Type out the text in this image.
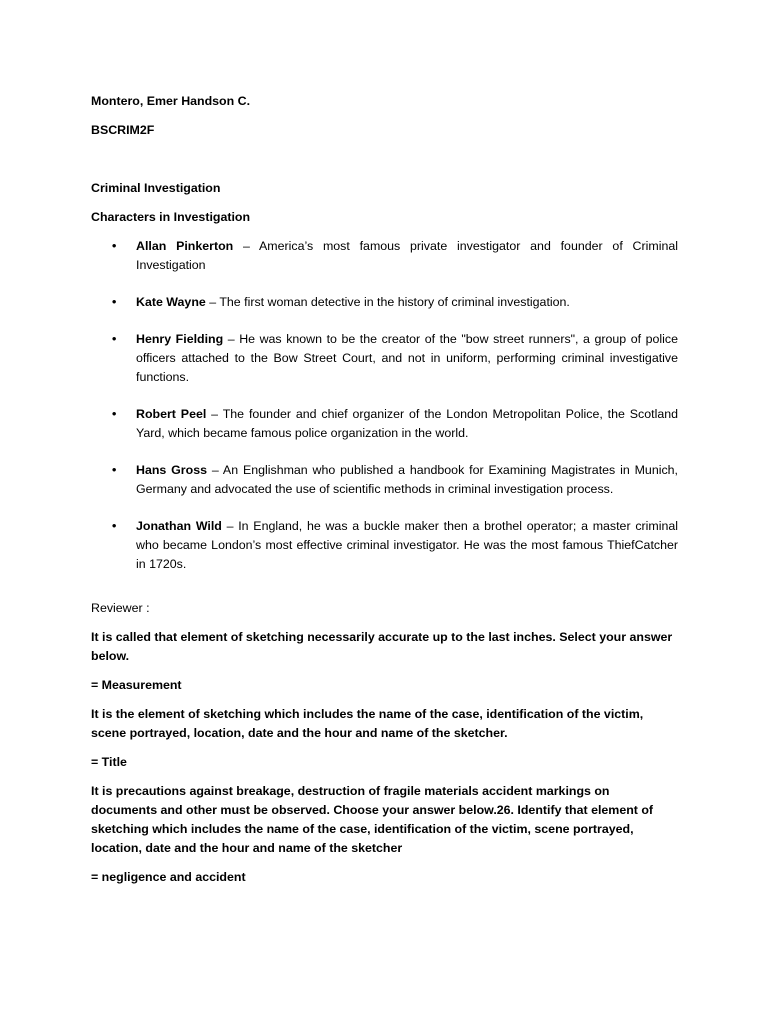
Montero, Emer Handson C.

BSCRIM2F

Criminal Investigation

Characters in Investigation

• Allan Pinkerton – America’s most famous private investigator and founder of Criminal Investigation
• Kate Wayne – The first woman detective in the history of criminal investigation.
• Henry Fielding – He was known to be the creator of the "bow street runners", a group of police officers attached to the Bow Street Court, and not in uniform, performing criminal investigative functions.
• Robert Peel – The founder and chief organizer of the London Metropolitan Police, the Scotland Yard, which became famous police organization in the world.
• Hans Gross – An Englishman who published a handbook for Examining Magistrates in Munich, Germany and advocated the use of scientific methods in criminal investigation process.
• Jonathan Wild – In England, he was a buckle maker then a brothel operator; a master criminal who became London’s most effective criminal investigator. He was the most famous ThiefCatcher in 1720s.

Reviewer :

It is called that element of sketching necessarily accurate up to the last inches. Select your answer below.

= Measurement

It is the element of sketching which includes the name of the case, identification of the victim, scene portrayed, location, date and the hour and name of the sketcher.

= Title

It is precautions against breakage, destruction of fragile materials accident markings on documents and other must be observed. Choose your answer below.26. Identify that element of sketching which includes the name of the case, identification of the victim, scene portrayed, location, date and the hour and name of the sketcher

= negligence and accident
